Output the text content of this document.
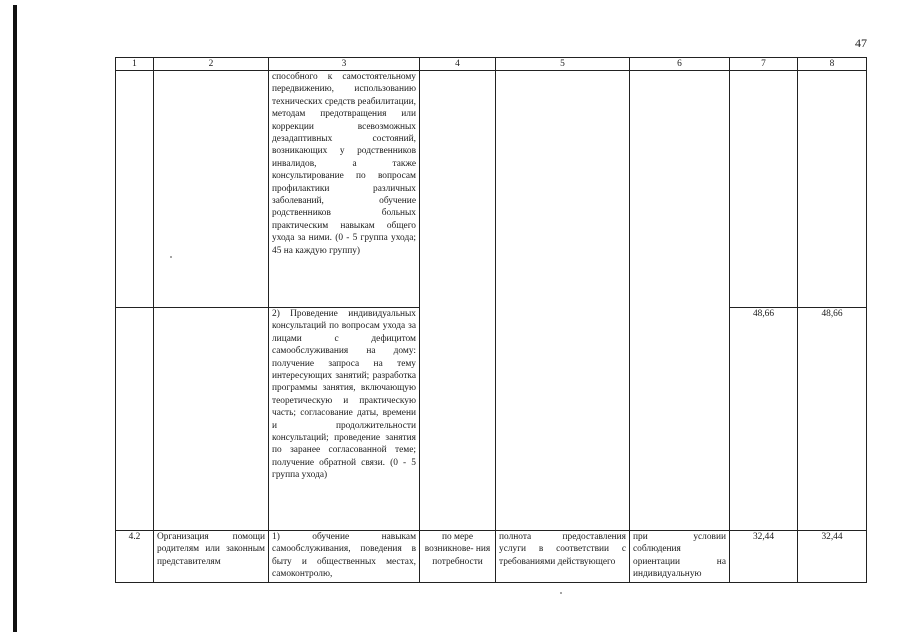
47
1	2	3	4	5	6	7	8
		способного к самостоятельному передвижению, использованию технических средств реабилитации, методам предотвращения или коррекции всевозможных дезадаптивных состояний, возникающих у родственников инвалидов, а также консультирование по вопросам профилактики различных заболеваний, обучение родственников больных практическим навыкам общего ухода за ними. (0 - 5 группа ухода; 45 на каждую группу)					
		2) Проведение индивидуальных консультаций по вопросам ухода за лицами с дефицитом самообслуживания на дому: получение запроса на тему интересующих занятий; разработка программы занятия, включающую теоретическую и практическую часть; согласование даты, времени и продолжительности консультаций; проведение занятия по заранее согласованной теме; получение обратной связи. (0 - 5 группа ухода)				48,66	48,66
4.2	Организация помощи родителям или законным представителям	1) обучение навыкам самообслуживания, поведения в быту и общественных местах, самоконтролю,	по мере возникнове- ния потребности	полнота предоставления услуги в соответствии с требованиями действующего	при условии соблюдения ориентации на индивидуальную	32,44	32,44
